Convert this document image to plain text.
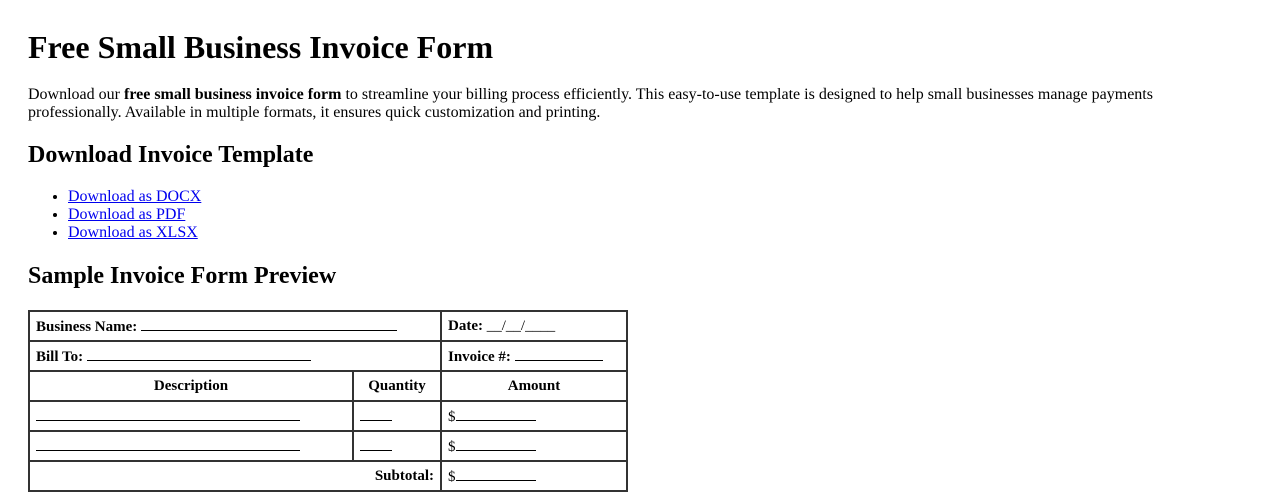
Free Small Business Invoice Form

Download our free small business invoice form to streamline your billing process efficiently. This easy-to-use template is designed to help small businesses manage payments professionally. Available in multiple formats, it ensures quick customization and printing.

Download Invoice Template
• Download as DOCX
• Download as PDF
• Download as XLSX
Sample Invoice Form Preview
Business Name:		Date: __/__/____
Bill To:		Invoice #:
Description	Quantity	Amount
		$
		$
Subtotal:		$
